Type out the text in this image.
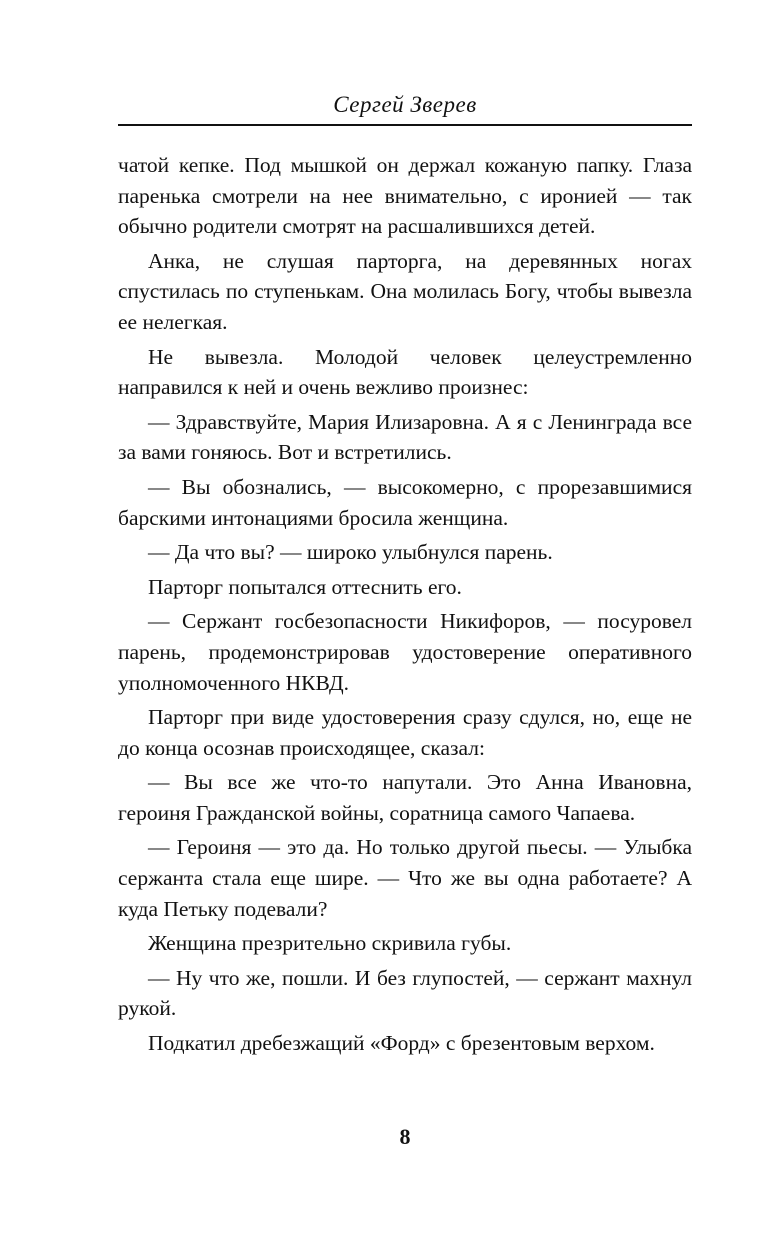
Сергей Зверев

чатой кепке. Под мышкой он держал кожаную папку. Глаза паренька смотрели на нее внимательно, с иронией — так обычно родители смотрят на расшалившихся детей.

Анка, не слушая парторга, на деревянных ногах спустилась по ступенькам. Она молилась Богу, чтобы вывезла ее нелегкая.

Не вывезла. Молодой человек целеустремленно направился к ней и очень вежливо произнес:

— Здравствуйте, Мария Илизаровна. А я с Ленинграда все за вами гоняюсь. Вот и встретились.

— Вы обознались, — высокомерно, с прорезавшимися барскими интонациями бросила женщина.

— Да что вы? — широко улыбнулся парень.

Парторг попытался оттеснить его.

— Сержант госбезопасности Никифоров, — посуровел парень, продемонстрировав удостоверение оперативного уполномоченного НКВД.

Парторг при виде удостоверения сразу сдулся, но, еще не до конца осознав происходящее, сказал:

— Вы все же что-то напутали. Это Анна Ивановна, героиня Гражданской войны, соратница самого Чапаева.

— Героиня — это да. Но только другой пьесы. — Улыбка сержанта стала еще шире. — Что же вы одна работаете? А куда Петьку подевали?

Женщина презрительно скривила губы.

— Ну что же, пошли. И без глупостей, — сержант махнул рукой.

Подкатил дребезжащий «Форд» с брезентовым верхом.

8
